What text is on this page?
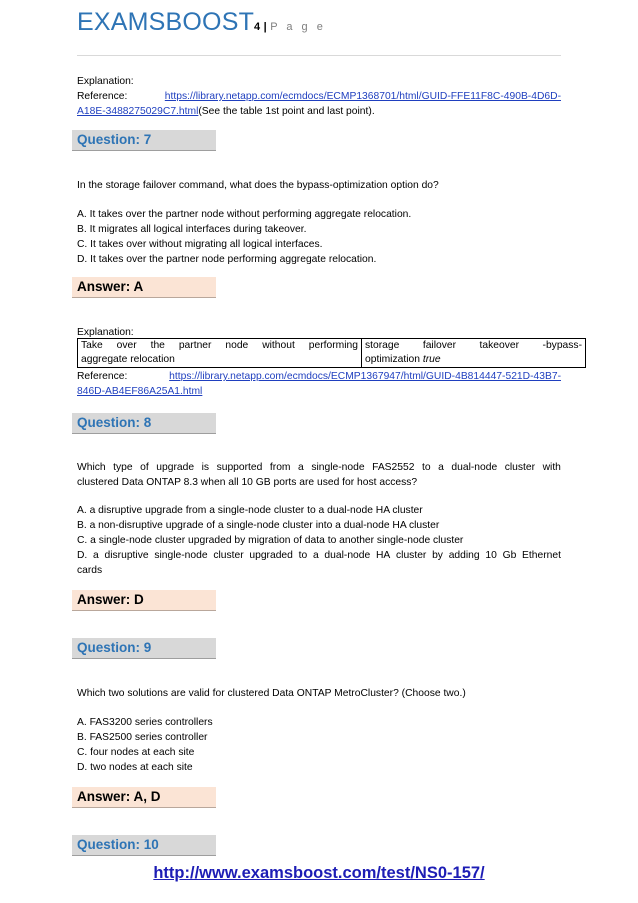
EXAMSBOOST4 | P a g e
Explanation:
Reference:	https://library.netapp.com/ecmdocs/ECMP1368701/html/GUID-FFE11F8C-490B-4D6D-
A18E-3488275029C7.html(See the table 1st point and last point).
Question: 7
In the storage failover command, what does the bypass-optimization option do?
A. It takes over the partner node without performing aggregate relocation.
B. It migrates all logical interfaces during takeover.
C. It takes over without migrating all logical interfaces.
D. It takes over the partner node performing aggregate relocation.
Answer: A
Explanation:
Take over the partner node without performing
aggregate relocation
storage failover takeover -bypass-
optimization true
Reference:	https://library.netapp.com/ecmdocs/ECMP1367947/html/GUID-4B814447-521D-43B7-
846D-AB4EF86A25A1.html
Question: 8
Which type of upgrade is supported from a single-node FAS2552 to a dual-node cluster with
clustered Data ONTAP 8.3 when all 10 GB ports are used for host access?
A. a disruptive upgrade from a single-node cluster to a dual-node HA cluster
B. a non-disruptive upgrade of a single-node cluster into a dual-node HA cluster
C. a single-node cluster upgraded by migration of data to another single-node cluster
D. a disruptive single-node cluster upgraded to a dual-node HA cluster by adding 10 Gb Ethernet
cards
Answer: D
Question: 9
Which two solutions are valid for clustered Data ONTAP MetroCluster? (Choose two.)
A. FAS3200 series controllers
B. FAS2500 series controller
C. four nodes at each site
D. two nodes at each site
Answer: A, D
Question: 10
http://www.examsboost.com/test/NS0-157/
